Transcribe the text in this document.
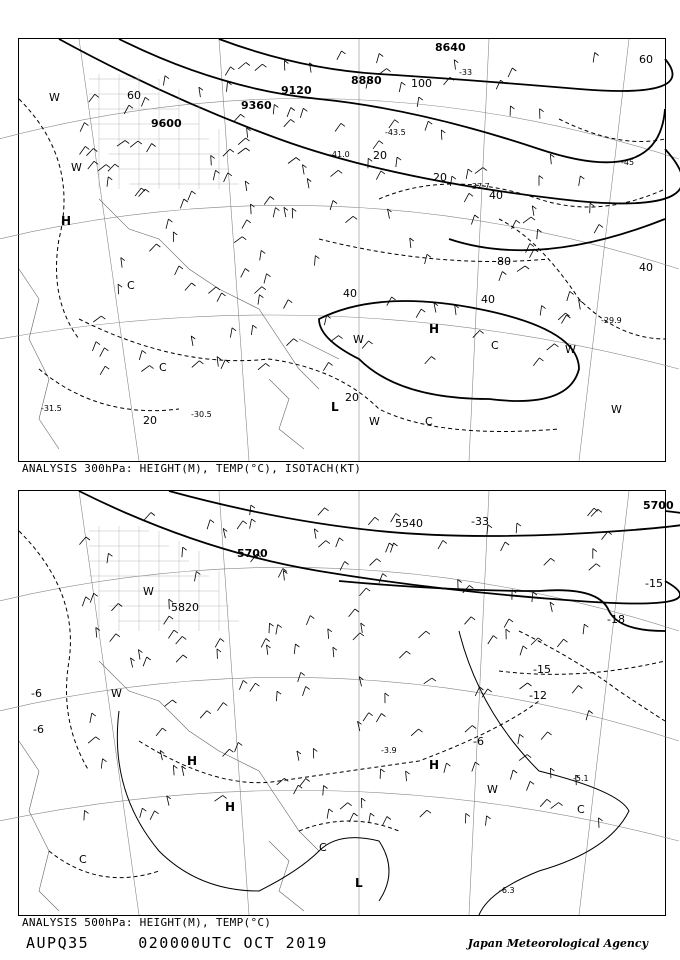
9600
9360
9120
8880
8640
20
20
20
20
40	40
40
40
60
60
80
100
-30.5
-31.5
-29.9
-33
-45
-41.0
-43.5
-37.7
H
H
L
C
C
C
C
W
W
W
W
W
W
ANALYSIS 300hPa: HEIGHT(M), TEMP(°C), ISOTACH(KT)
5700
5820
5540
5700
-6
-6
-12
-15
-15
-18
-33
-6
-3.9
-5.1
-6.3
H
H
H
L
C
C
C
W
W
W
ANALYSIS 500hPa: HEIGHT(M), TEMP(°C)
AUPQ35	020000UTC OCT 2019	Japan Meteorological Agency
